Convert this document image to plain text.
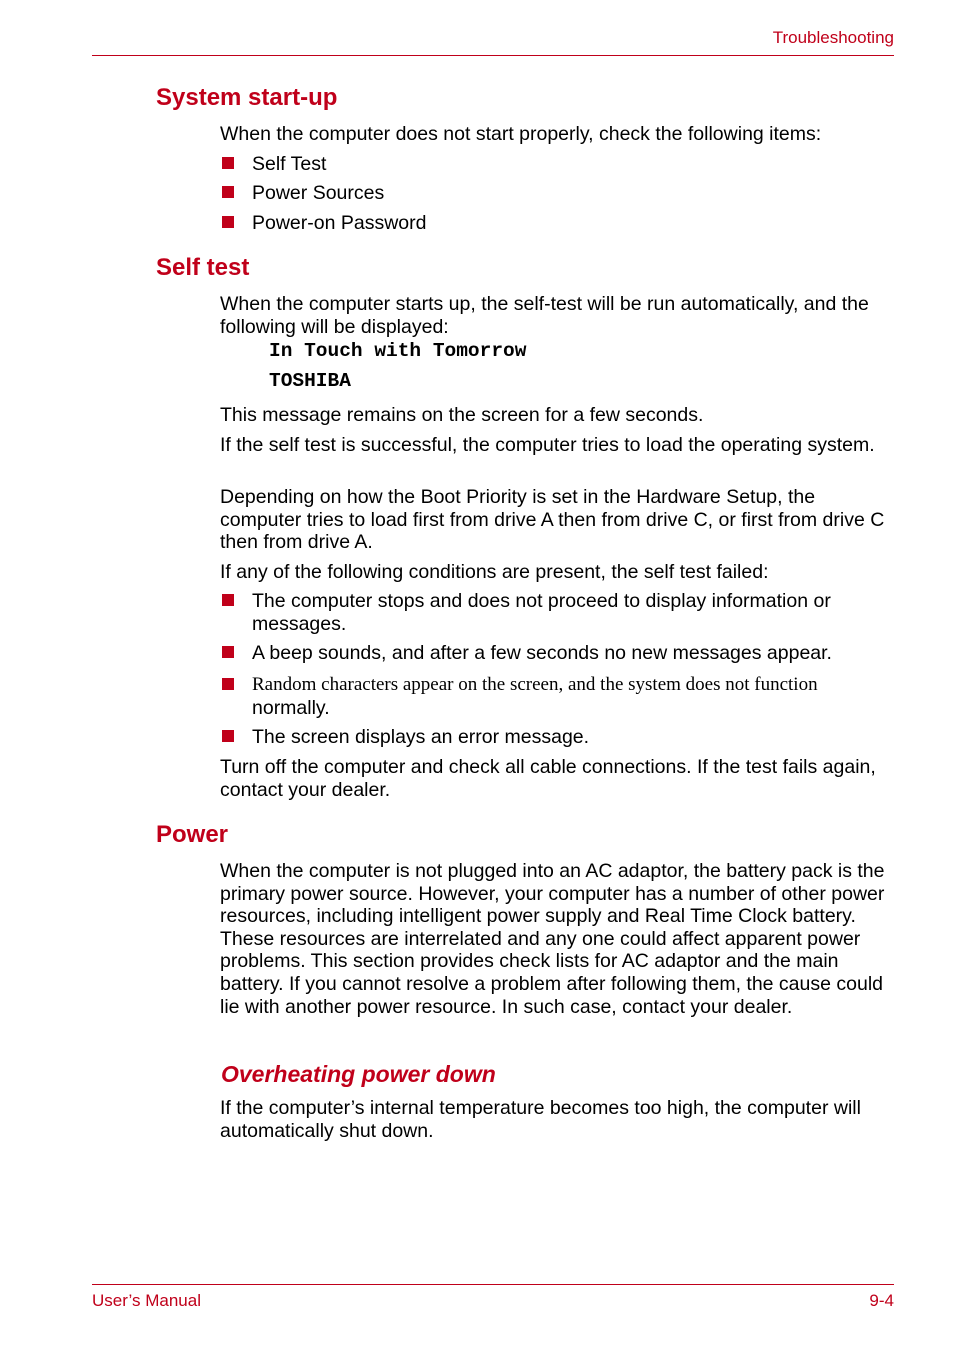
Troubleshooting
System start-up

When the computer does not start properly, check the following items:

Self Test
Power Sources
Power-on Password
Self test

When the computer starts up, the self-test will be run automatically, and the following will be displayed:

In Touch with Tomorrow
TOSHIBA

This message remains on the screen for a few seconds.

If the self test is successful, the computer tries to load the operating system.

Depending on how the Boot Priority is set in the Hardware Setup, the computer tries to load first from drive A then from drive C, or first from drive C then from drive A.

If any of the following conditions are present, the self test failed:

The computer stops and does not proceed to display information or messages.
A beep sounds, and after a few seconds no new messages appear.
Random characters appear on the screen, and the system does not function
normally.
The screen displays an error message.

Turn off the computer and check all cable connections. If the test fails again, contact your dealer.

Power

When the computer is not plugged into an AC adaptor, the battery pack is the primary power source. However, your computer has a number of other power resources, including intelligent power supply and Real Time Clock battery. These resources are interrelated and any one could affect apparent power problems. This section provides check lists for AC adaptor and the main battery. If you cannot resolve a problem after following them, the cause could lie with another power resource. In such case, contact your dealer.

Overheating power down

If the computer’s internal temperature becomes too high, the computer will automatically shut down.

User’s Manual	9-4
